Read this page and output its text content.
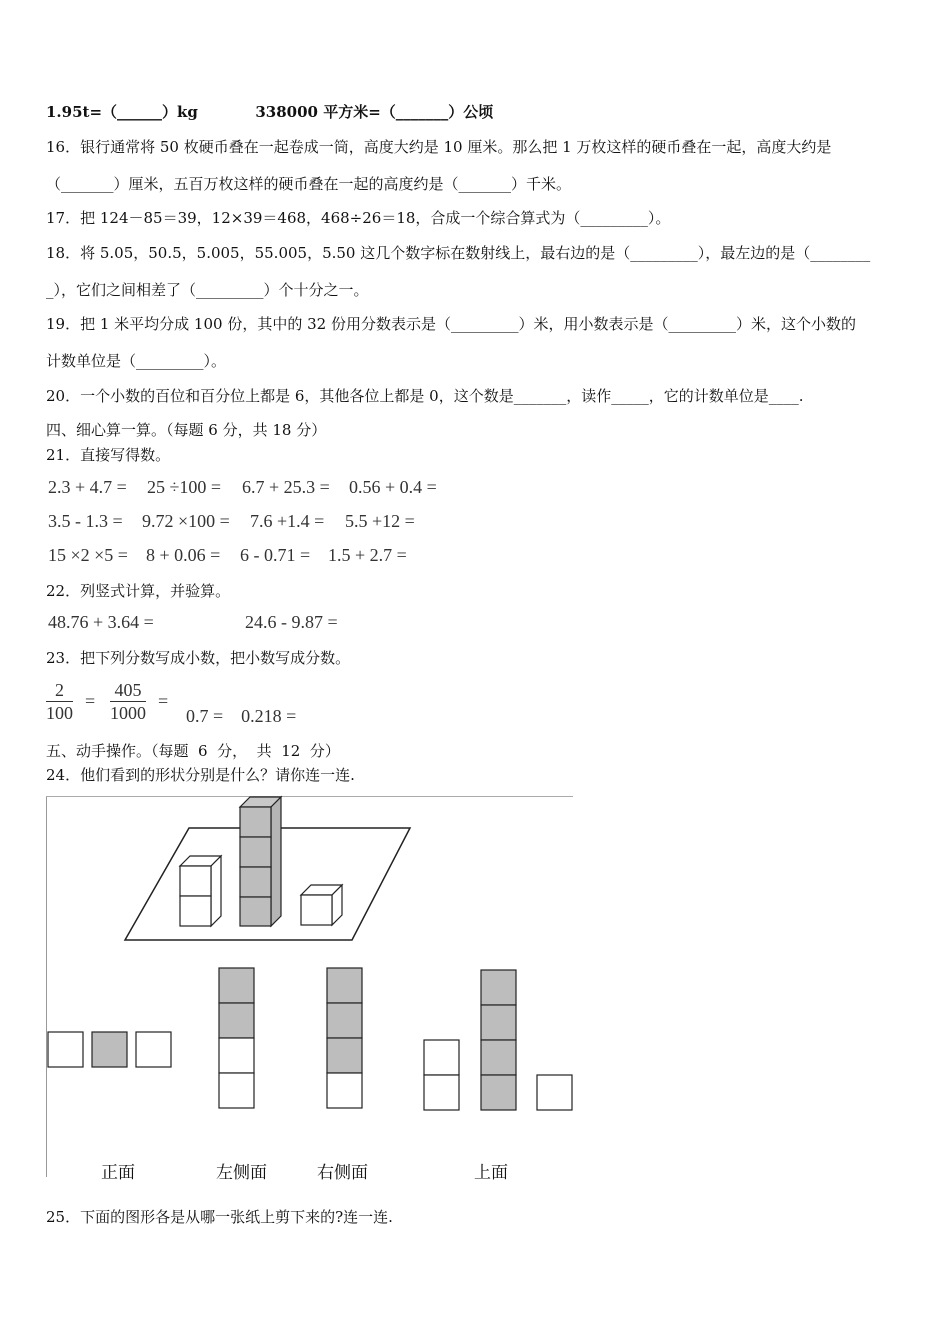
1.95t=（______）kg           338000 平方米=（_______）公顷
16．银行通常将 50 枚硬币叠在一起卷成一筒，高度大约是 10 厘米。那么把 1 万枚这样的硬币叠在一起，高度大约是
（_______）厘米，五百万枚这样的硬币叠在一起的高度约是（_______）千米。
17．把 124－85＝39，12×39＝468，468÷26＝18，合成一个综合算式为（_________）。
18．将 5.05，50.5，5.005，55.005，5.50 这几个数字标在数射线上，最右边的是（_________），最左边的是（________
_），它们之间相差了（_________）个十分之一。
19．把 1 米平均分成 100 份，其中的 32 份用分数表示是（_________）米，用小数表示是（_________）米，这个小数的
计数单位是（_________）。
20．一个小数的百位和百分位上都是 6，其他各位上都是 0，这个数是_______，读作_____，它的计数单位是____.
四、细心算一算。（每题 6 分，共 18 分）
21．直接写得数。
2.3 + 4.7 = 25 ÷100 = 6.7 + 25.3 = 0.56 + 0.4 =
3.5 - 1.3 = 9.72 ×100 = 7.6 +1.4 = 5.5 +12 =
15 ×2 ×5 = 8 + 0.06 = 6 - 0.71 = 1.5 + 2.7 =
22．列竖式计算，并验算。
48.76 + 3.64 =	24.6 - 9.87 =
23．把下列分数写成小数，把小数写成分数。
$\frac{2}{100} = \frac{405}{1000}$ =
0.7 =    0.218 =
五、动手操作。（每题  6  分，  共  12  分）
24．他们看到的形状分别是什么？请你连一连.
正面	左侧面	右侧面	上面
25．下面的图形各是从哪一张纸上剪下来的?连一连.
